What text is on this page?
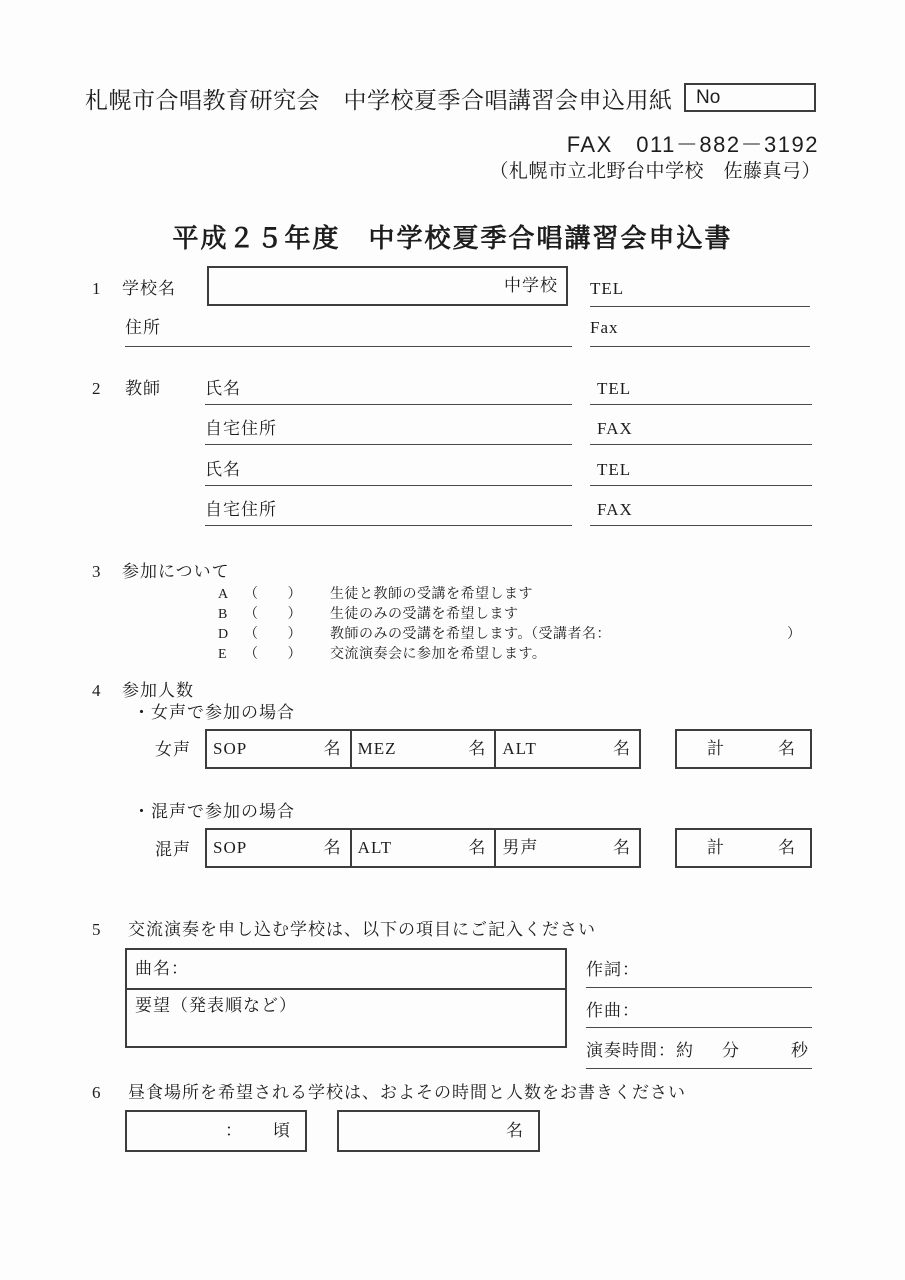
札幌市合唱教育研究会　中学校夏季合唱講習会申込用紙 No
FAX　011－882－3192
（札幌市立北野台中学校　佐藤真弓）
平成２５年度　中学校夏季合唱講習会申込書
1 学校名	中学校 TEL
住所	Fax
2 教師	氏名	TEL
自宅住所	FAX
氏名	TEL
自宅住所	FAX
3 参加について
A （　　） 生徒と教師の受講を希望します
B （　　） 生徒のみの受講を希望します
D （　　） 教師のみの受講を希望します。
（受講者名：	）
E （　　） 交流演奏会に参加を希望します。
4 参加人数
・女声で参加の場合
女声 SOP	名 MEZ	名 ALT	名	計	名
・混声で参加の場合
混声 SOP	名 ALT	名 男声	名	計	名
5 交流演奏を申し込む学校は、以下の項目にご記入ください
曲名：
要望（発表順など）
作詞：
作曲：
演奏時間：約 分	秒
6 昼食場所を希望される学校は、およその時間と人数をお書きください
： 頃	名
